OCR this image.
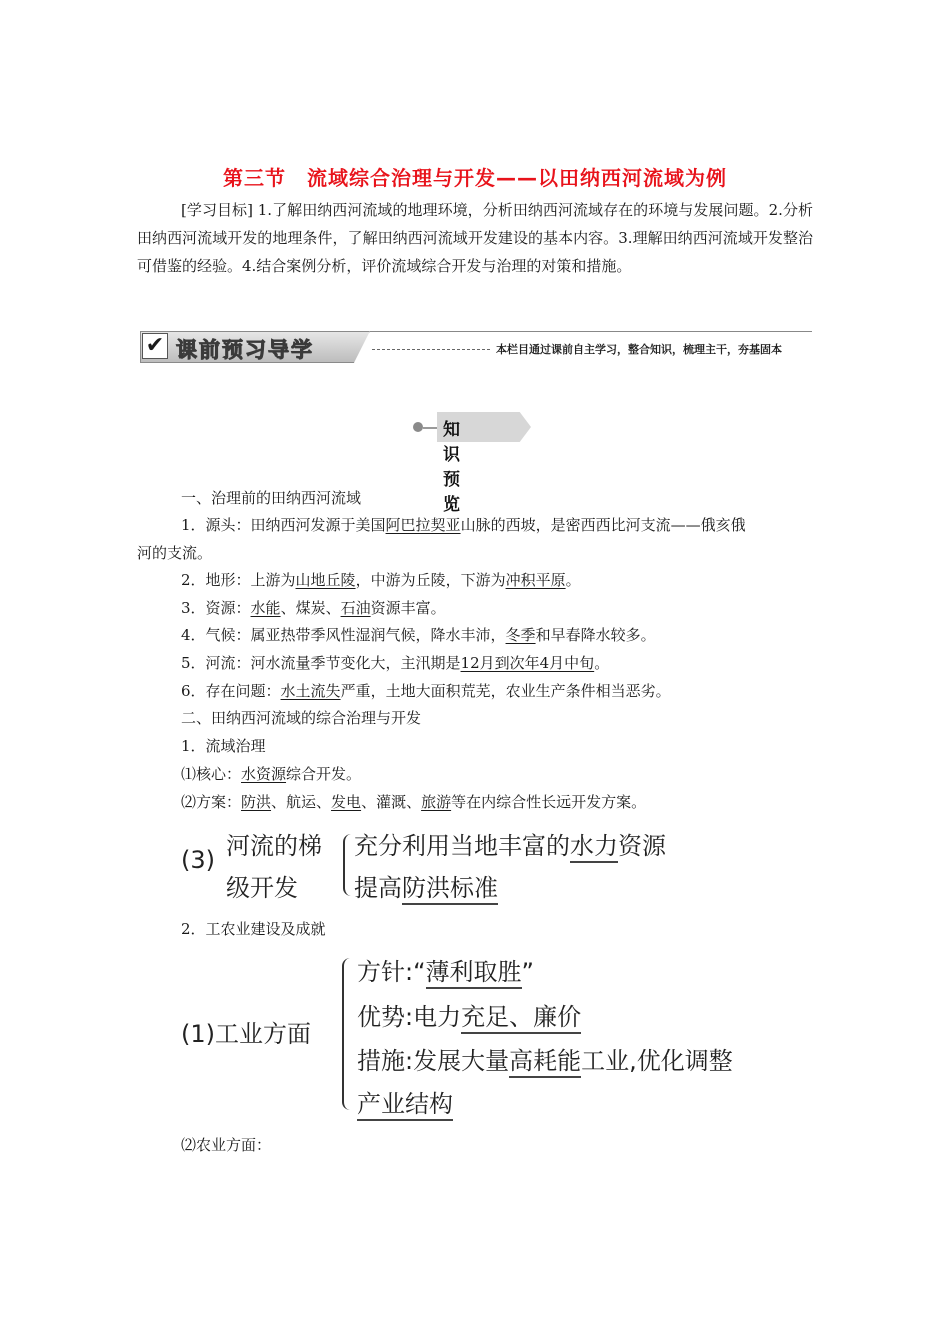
第三节　流域综合治理与开发——以田纳西河流域为例
[学习目标] 1.了解田纳西河流域的地理环境，分析田纳西河流域存在的环境与发展问题。2.分析田纳西河流域开发的地理条件，了解田纳西河流域开发建设的基本内容。3.理解田纳西河流域开发整治可借鉴的经验。4.结合案例分析，评价流域综合开发与治理的对策和措施。
✔ 课前预习导学	本栏目通过课前自主学习，整合知识，梳理主干，夯基固本
知识预览
一、治理前的田纳西河流域
1．源头：田纳西河发源于美国阿巴拉契亚山脉的西坡，是密西西比河支流——俄亥俄
河的支流。
2．地形：上游为山地丘陵，中游为丘陵，下游为冲积平原。
3．资源：水能、煤炭、石油资源丰富。
4．气候：属亚热带季风性湿润气候，降水丰沛，冬季和早春降水较多。
5．河流：河水流量季节变化大，主汛期是12月到次年4月中旬。
6．存在问题：水土流失严重，土地大面积荒芜，农业生产条件相当恶劣。
二、田纳西河流域的综合治理与开发
1．流域治理
⑴核心：水资源综合开发。
⑵方案：防洪、航运、发电、灌溉、旅游等在内综合性长远开发方案。
(3) 河流的梯
级开发
充分利用当地丰富的水力资源
提高防洪标准
2．工农业建设及成就
(1)工业方面
方针:“薄利取胜”
优势:电力充足、廉价
措施:发展大量高耗能工业,优化调整
产业结构
⑵农业方面：
